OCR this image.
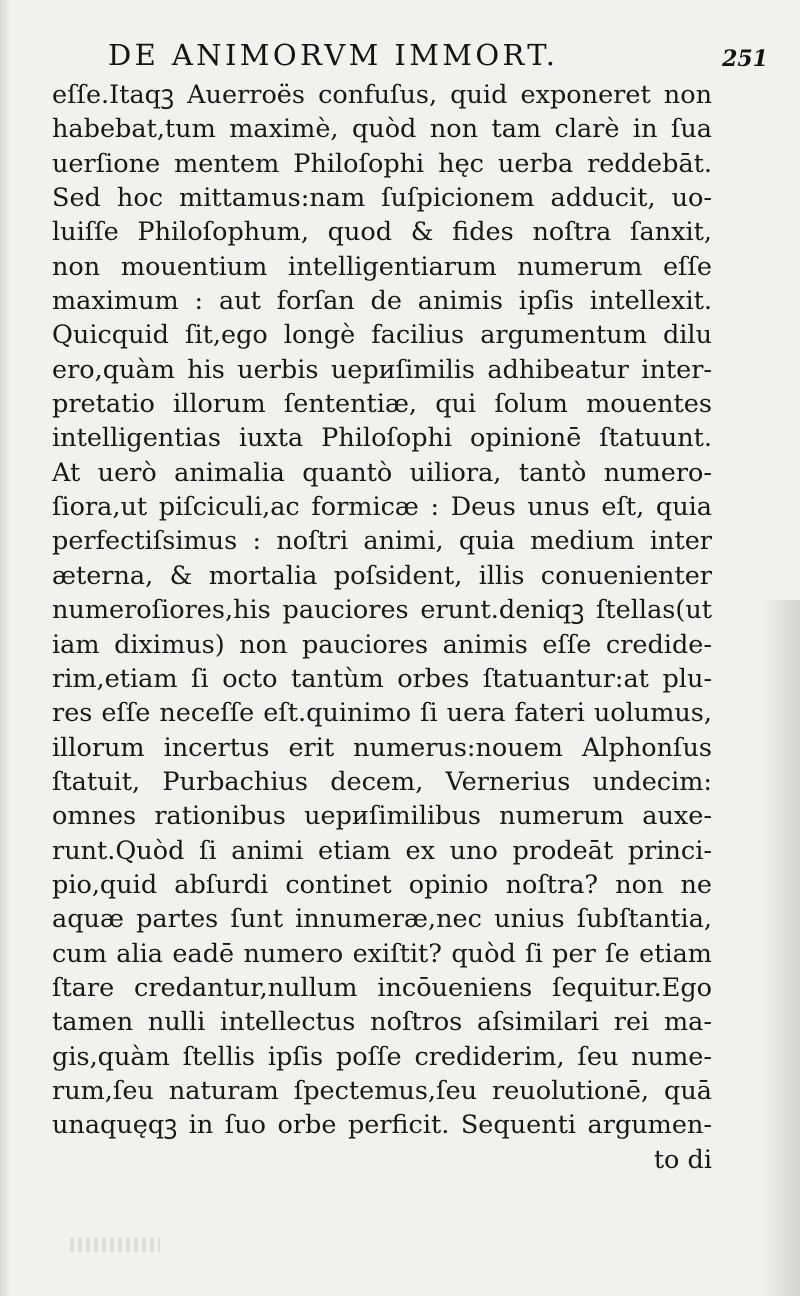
DE ANIMORVM IMMORT.	251
eſſe.Itaqꝫ Auerroës confuſus, quid exponeret non
habebat,tum maximè, quòd non tam clarè in ſua
uerſione mentem Philoſophi hęc uerba reddebāt.
Sed hoc mittamus:nam ſuſpicionem adducit, uo-
luiſſe Philoſophum, quod & fides noſtra ſanxit,
non mouentium intelligentiarum numerum eſſe
maximum : aut forſan de animis ipſis intellexit.
Quicquid ſit,ego longè facilius argumentum dilu
ero,quàm his uerbis uериſimilis adhibeatur inter-
pretatio illorum ſententiæ, qui ſolum mouentes
intelligentias iuxta Philoſophi opinionē ſtatuunt.
At uerò animalia quantò uiliora, tantò numero-
ſiora,ut piſciculi,ac formicæ : Deus unus eſt, quia
perfectiſsimus : noſtri animi, quia medium inter
æterna, & mortalia poſsident, illis conuenienter
numeroſiores,his pauciores erunt.deniqꝫ ſtellas(ut
iam diximus) non pauciores animis eſſe credide-
rim,etiam ſi octo tantùm orbes ſtatuantur:at plu-
res eſſe neceſſe eſt.quinimo ſi uera fateri uolumus,
illorum incertus erit numerus:nouem Alphonſus
ſtatuit, Purbachius decem, Vernerius undecim:
omnes rationibus uериſimilibus numerum auxe-
runt.Quòd ſi animi etiam ex uno prodeāt princi-
pio,quid abſurdi continet opinio noſtra? non ne
aquæ partes ſunt innumeræ,nec unius ſubſtantia,
cum alia eadē numero exiſtit? quòd ſi per ſe etiam
ſtare credantur,nullum incōueniens ſequitur.Ego
tamen nulli intellectus noſtros aſsimilari rei ma-
gis,quàm ſtellis ipſis poſſe crediderim, ſeu nume-
rum,ſeu naturam ſpectemus,ſeu reuolutionē, quā
unaquęqꝫ in ſuo orbe perficit. Sequenti argumen-
to di
